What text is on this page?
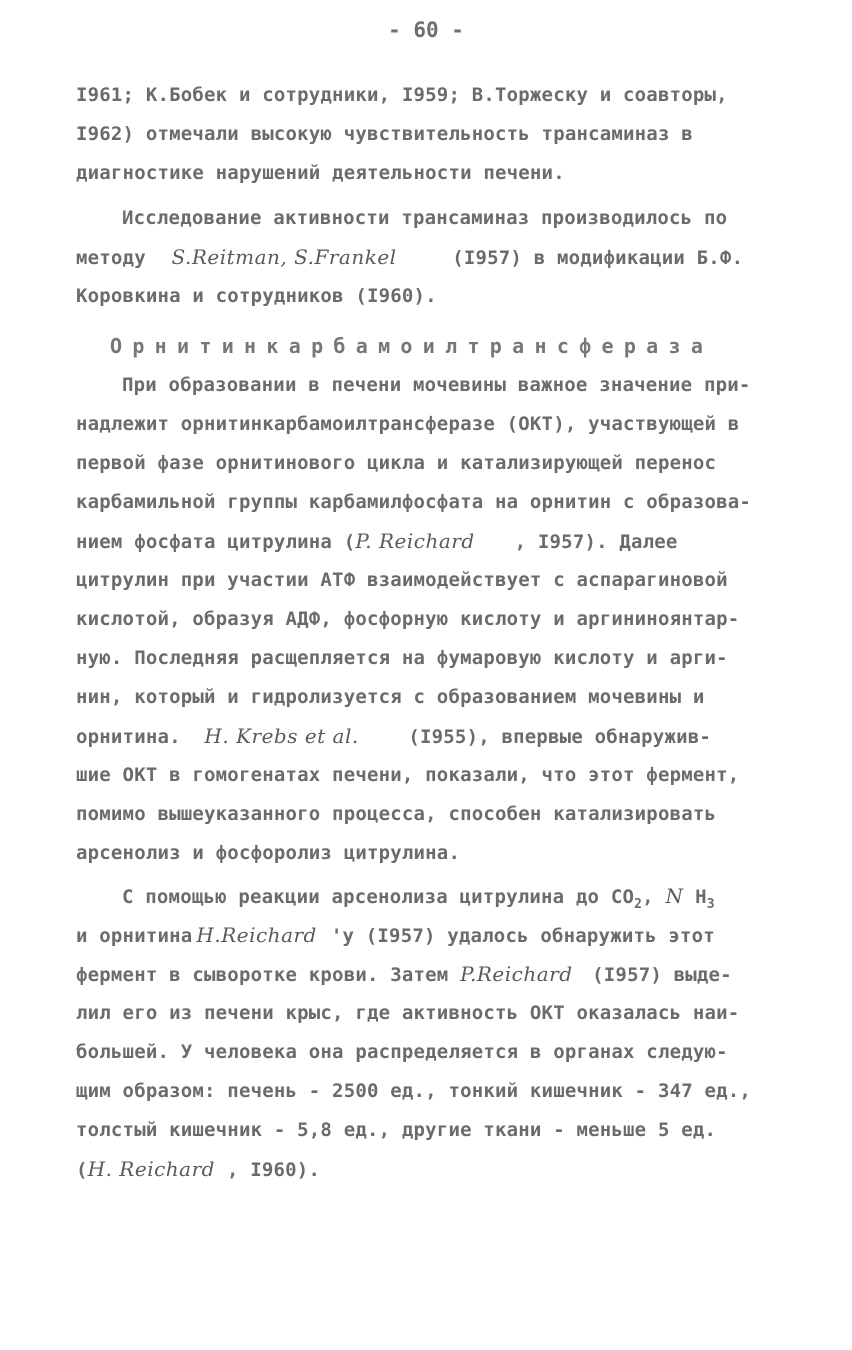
- 60 -
I961; К.Бобек и сотрудники, I959; В.Торжеску и соавторы,
I962) отмечали высокую чувствительность трансаминаз в
диагностике нарушений деятельности печени.
Исследование активности трансаминаз производилось по
методу S.Reitman, S.Frankel	(I957) в модификации Б.Ф.
Коровкина и сотрудников (I960).
Орнитинкарбамоилтрансфераза
При образовании в печени мочевины важное значение при-
надлежит орнитинкарбамоилтрансферазе (ОКТ), участвующей в
первой фазе орнитинового цикла и катализирующей перенос
карбамильной группы карбамилфосфата на орнитин с образова-
нием фосфата цитрулина (P. Reichard , I957). Далее
цитрулин при участии АТФ взаимодействует с аспарагиновой
кислотой, образуя АДФ, фосфорную кислоту и аргининоянтар-
ную. Последняя расщепляется на фумаровую кислоту и арги-
нин, который и гидролизуется с образованием мочевины и
орнитина. H. Krebs et al.	(I955), впервые обнаружив-
шие ОКТ в гомогенатах печени, показали, что этот фермент,
помимо вышеуказанного процесса, способен катализировать
арсенолиз и фосфоролиз цитрулина.
С помощью реакции арсенолиза цитрулина до $CO_2$, N $H_3$
и орнитина H.Reichard 'у (I957) удалось обнаружить этот
фермент в сыворотке крови. Затем P.Reichard (I957) выде-
лил его из печени крыс, где активность ОКТ оказалась наи-
большей. У человека она распределяется в органах следую-
щим образом: печень - 2500 ед., тонкий кишечник - 347 ед.,
толстый кишечник - 5,8 ед., другие ткани - меньше 5 ед.
(H. Reichard , I960).
